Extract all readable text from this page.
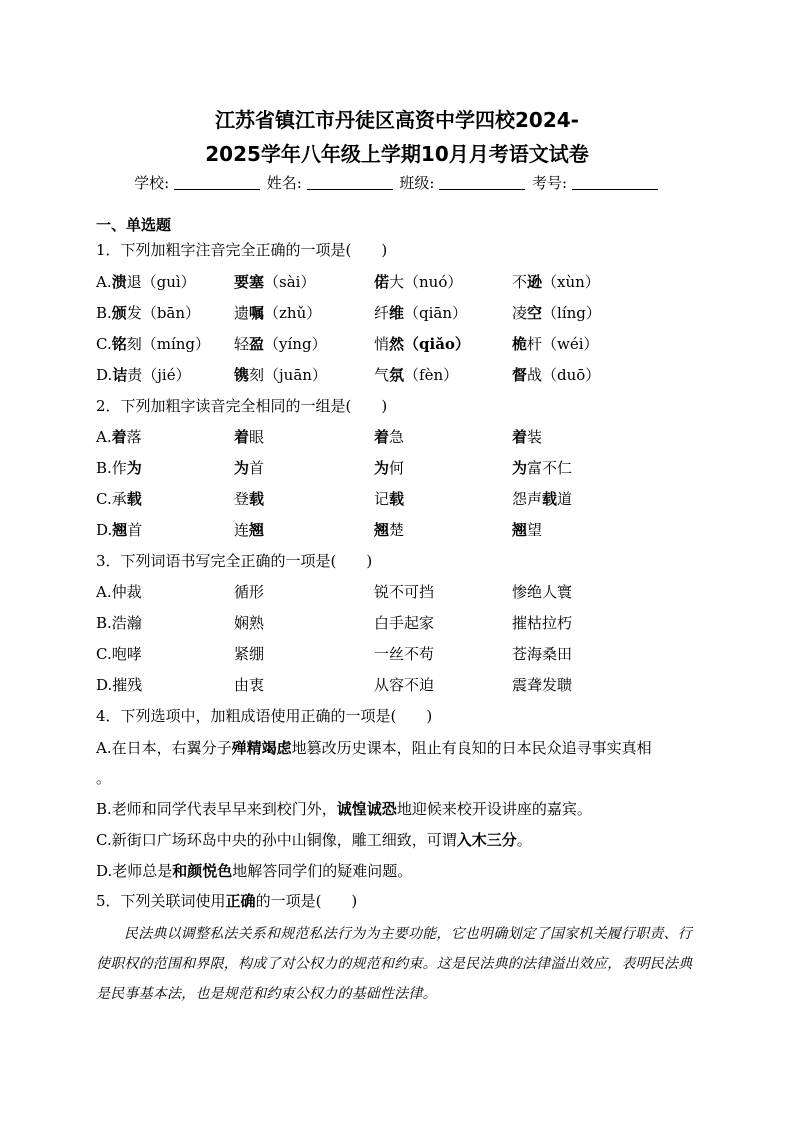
江苏省镇江市丹徒区高资中学四校2024-
2025学年八年级上学期10月月考语文试卷
学校:	姓名:	班级:	考号:
一、单选题
1．下列加粗字注音完全正确的一项是(　　)
A.溃退（guì）	要塞（sài）	偌大（nuó）	不逊（xùn）
B.颁发（bān） 遗嘱（zhǔ）	纤维（qiān）	凌空（líng）
C.铭刻（míng） 轻盈（yíng）	悄然（qiǎo）	桅杆（wéi）
D.诘责（jié）	镌刻（juān）	气氛（fèn）	督战（duō）
2．下列加粗字读音完全相同的一组是(　　)
A.着落	着眼	着急	着装
B.作为	为首	为何	为富不仁
C.承载	登载	记载	怨声载道
D.翘首	连翘	翘楚	翘望
3．下列词语书写完全正确的一项是(　　)
A.仲裁	循形	锐不可挡	惨绝人寰
B.浩瀚	娴熟	白手起家	摧枯拉朽
C.咆哮	紧绷	一丝不苟	苍海桑田
D.摧残	由衷	从容不迫	震聋发聩
4．下列选项中，加粗成语使用正确的一项是(　　)
A.在日本，右翼分子殚精竭虑地篡改历史课本，阻止有良知的日本民众追寻事实真相
。
B.老师和同学代表早早来到校门外，诚惶诚恐地迎候来校开设讲座的嘉宾。
C.新街口广场环岛中央的孙中山铜像，雕工细致，可谓入木三分。
D.老师总是和颜悦色地解答同学们的疑难问题。
5．下列关联词使用正确的一项是(　　)
民法典以调整私法关系和规范私法行为为主要功能，它也明确划定了国家机关履行职责、行使职权的范围和界限，构成了对公权力的规范和约束。这是民法典的法律溢出效应，表明民法典是民事基本法，也是规范和约束公权力的基础性法律。
